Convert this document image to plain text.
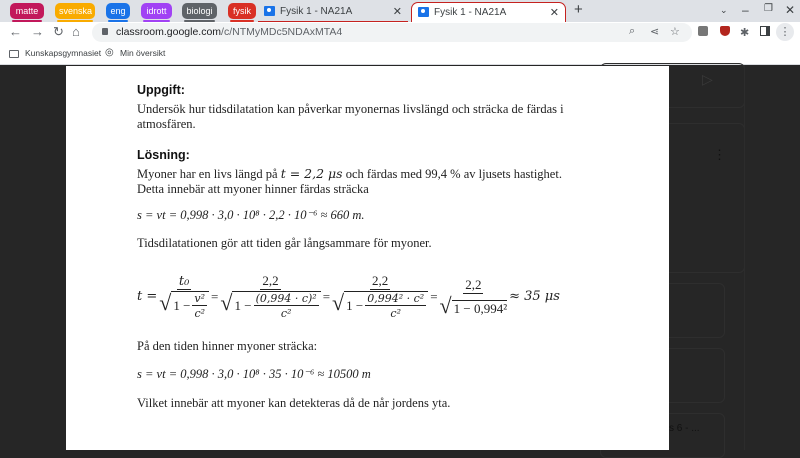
matte	svenska	eng	idrott	biologi	fysik	Fysik 1 - NA21A	✕	Fysik 1 - NA21A	✕ +	⌄ – ❐ ✕
← → ↻ ⌂	classroom.google.com/c/NTMyMDc5NDAxMTA4	⌕ ⋖ ☆	✱	⋮
Kunskapsgymnasiet ◎ Min översikt
▷
⋮
s 6 - ...
Uppgift:

Undersök hur tidsdilatation kan påverkar myonernas livslängd och sträcka de färdas i atmosfären.

Lösning:

Myoner har en livs längd på t = 2,2 μs och färdas med 99,4 % av ljusets hastighet. Detta innebär att myoner hinner färdas sträcka

s = vt = 0,998 · 3,0 · 10⁸ · 2,2 · 10⁻⁶ ≈ 660 m.

Tidsdilatationen gör att tiden går långsammare för myoner.

$t = \frac{\text{t₀}}{√ 1 - \frac{\text{v²}}{\text{c²}}} = \frac{2,2}{√ 1 - \frac{\text{(0,994 · c)²}}{\text{c²}}} = \frac{2,2}{√ 1 - \frac{\text{0,994² · c²}}{\text{c²}}} = \frac{2,2}{\text{√ 1 − 0,994²}} \approx 35$ μs

På den tiden hinner myoner sträcka:

s = vt = 0,998 · 3,0 · 10⁸ · 35 · 10⁻⁶ ≈ 10500 m

Vilket innebär att myoner kan detekteras då de når jordens yta.
